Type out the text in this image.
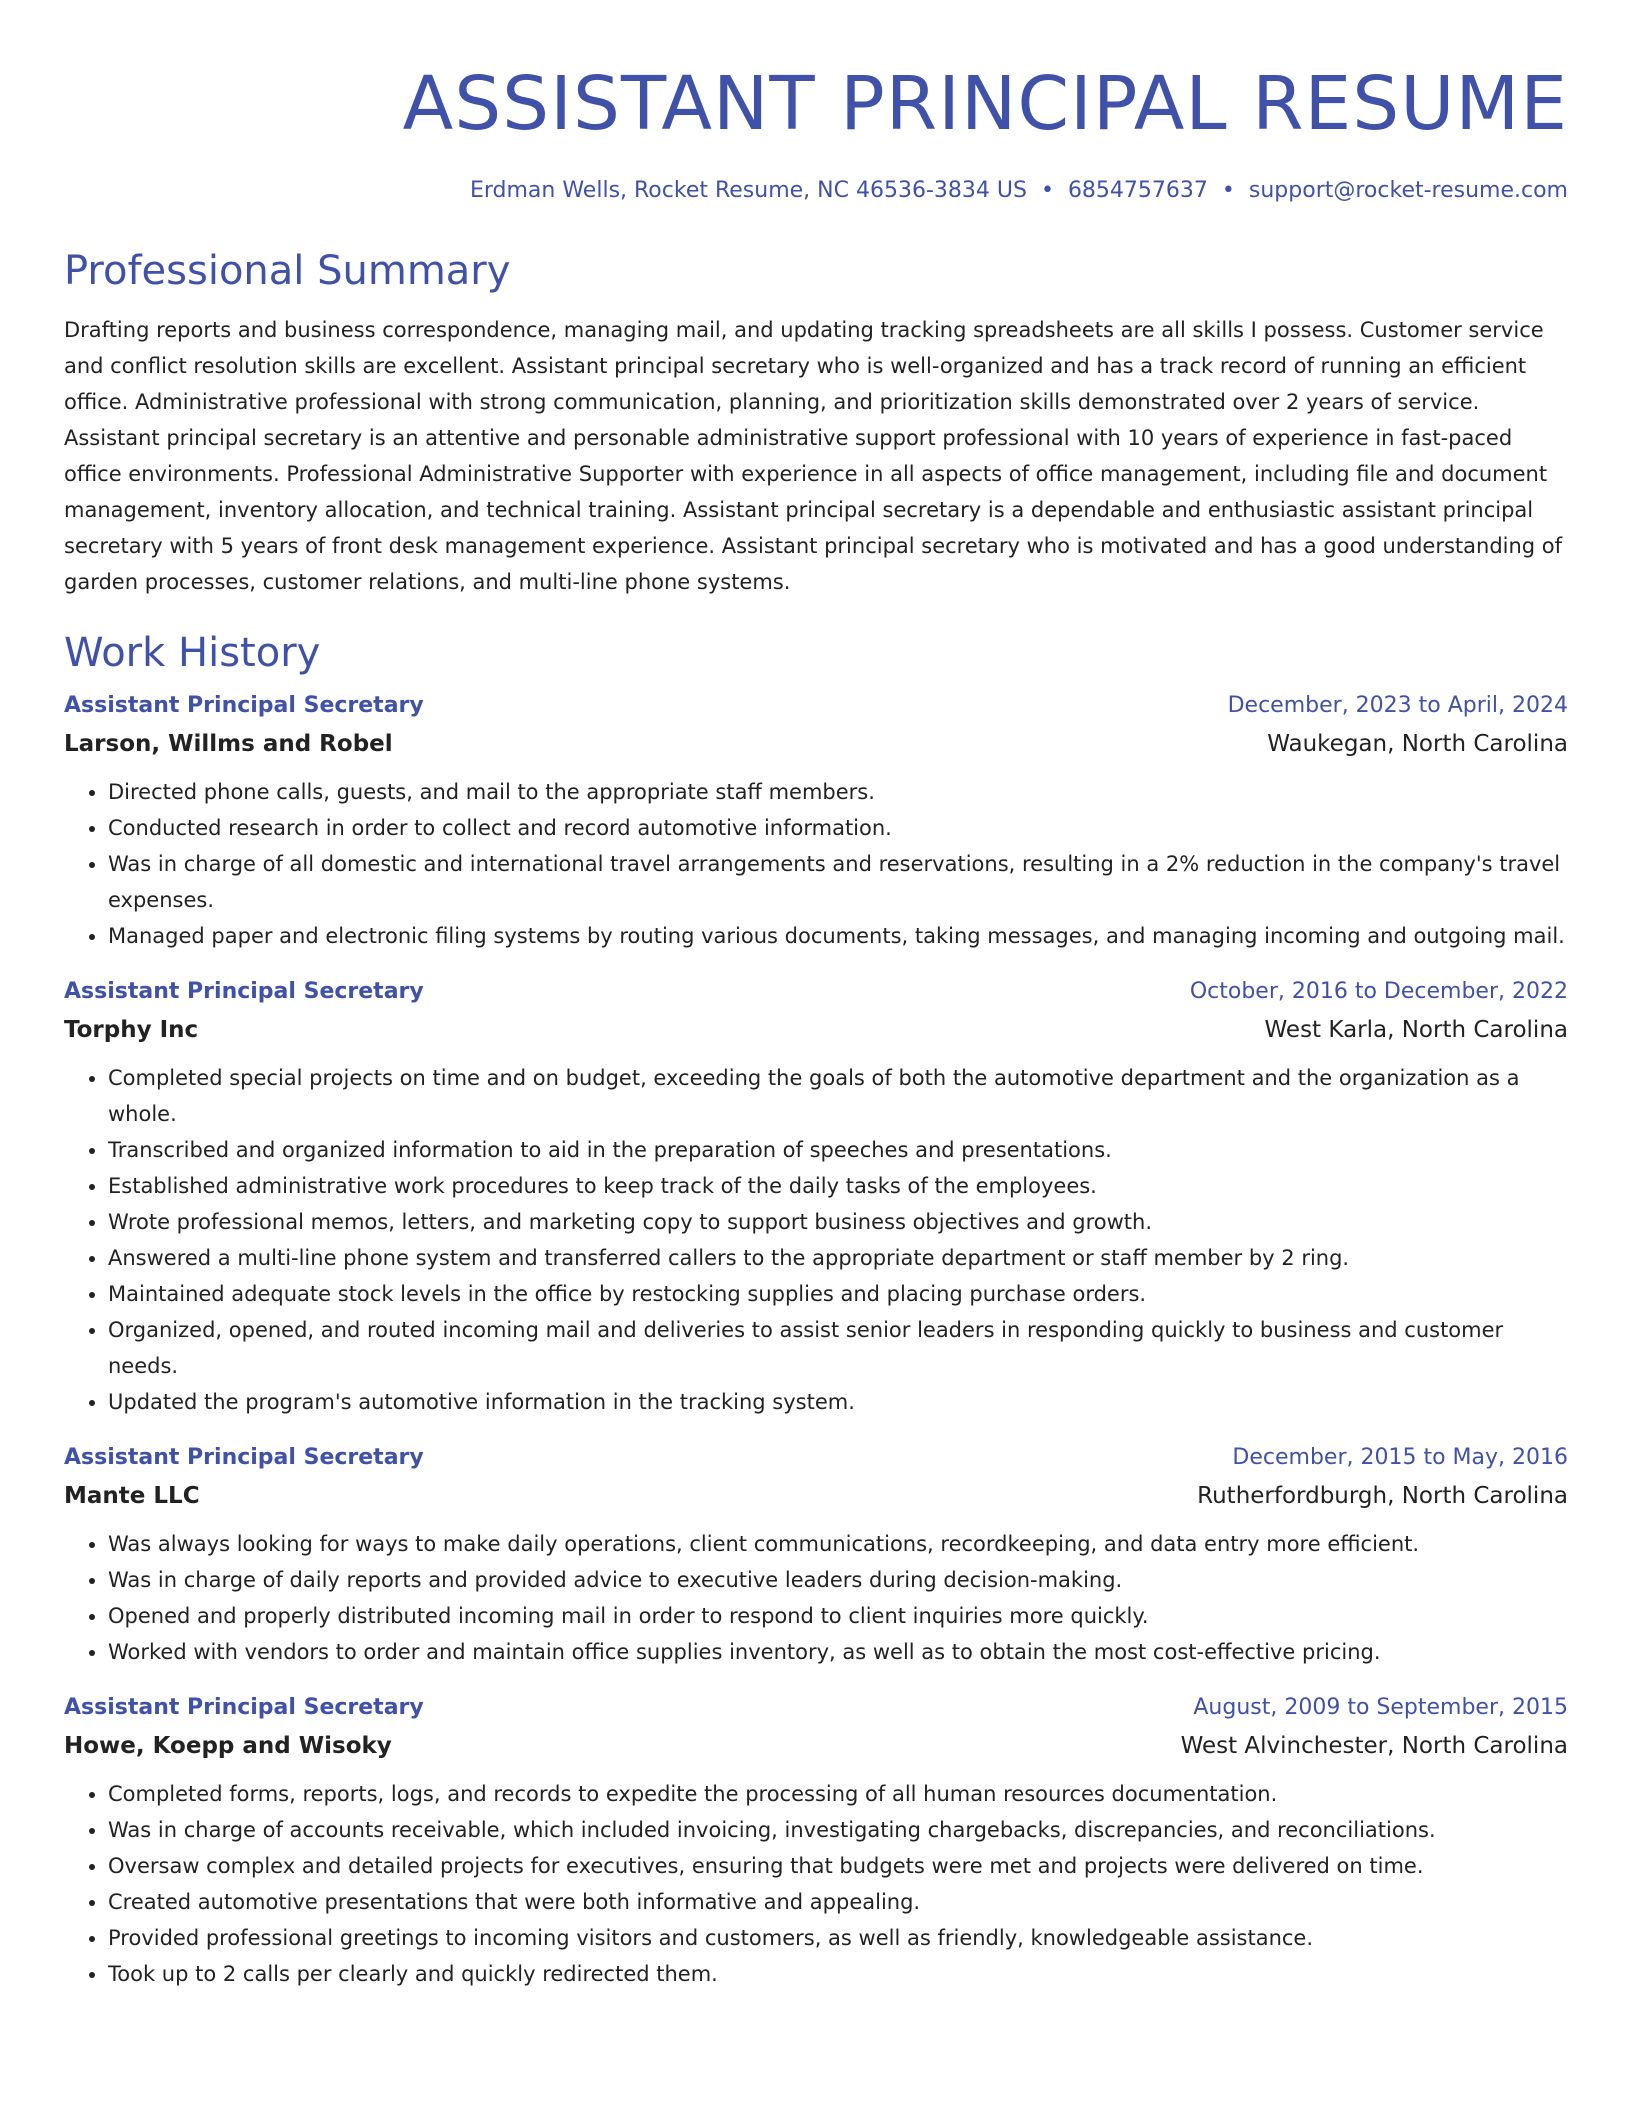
ASSISTANT PRINCIPAL RESUME
Erdman Wells, Rocket Resume, NC 46536-3834 US • 6854757637 • support@rocket-resume.com
Professional Summary
Drafting reports and business correspondence, managing mail, and updating tracking spreadsheets are all skills I possess. Customer service and conflict resolution skills are excellent. Assistant principal secretary who is well-organized and has a track record of running an efficient office. Administrative professional with strong communication, planning, and prioritization skills demonstrated over 2 years of service. Assistant principal secretary is an attentive and personable administrative support professional with 10 years of experience in fast-paced office environments. Professional Administrative Supporter with experience in all aspects of office management, including file and document management, inventory allocation, and technical training. Assistant principal secretary is a dependable and enthusiastic assistant principal secretary with 5 years of front desk management experience. Assistant principal secretary who is motivated and has a good understanding of garden processes, customer relations, and multi-line phone systems.
Work History
Assistant Principal Secretary	December, 2023 to April, 2024
Larson, Willms and Robel	Waukegan, North Carolina
• Directed phone calls, guests, and mail to the appropriate staff members.
• Conducted research in order to collect and record automotive information.
• Was in charge of all domestic and international travel arrangements and reservations, resulting in a 2% reduction in the company's travel expenses.
• Managed paper and electronic filing systems by routing various documents, taking messages, and managing incoming and outgoing mail.
Assistant Principal Secretary	October, 2016 to December, 2022
Torphy Inc	West Karla, North Carolina
• Completed special projects on time and on budget, exceeding the goals of both the automotive department and the organization as a whole.
• Transcribed and organized information to aid in the preparation of speeches and presentations.
• Established administrative work procedures to keep track of the daily tasks of the employees.
• Wrote professional memos, letters, and marketing copy to support business objectives and growth.
• Answered a multi-line phone system and transferred callers to the appropriate department or staff member by 2 ring.
• Maintained adequate stock levels in the office by restocking supplies and placing purchase orders.
• Organized, opened, and routed incoming mail and deliveries to assist senior leaders in responding quickly to business and customer needs.
• Updated the program's automotive information in the tracking system.
Assistant Principal Secretary	December, 2015 to May, 2016
Mante LLC	Rutherfordburgh, North Carolina
• Was always looking for ways to make daily operations, client communications, recordkeeping, and data entry more efficient.
• Was in charge of daily reports and provided advice to executive leaders during decision-making.
• Opened and properly distributed incoming mail in order to respond to client inquiries more quickly.
• Worked with vendors to order and maintain office supplies inventory, as well as to obtain the most cost-effective pricing.
Assistant Principal Secretary	August, 2009 to September, 2015
Howe, Koepp and Wisoky	West Alvinchester, North Carolina
• Completed forms, reports, logs, and records to expedite the processing of all human resources documentation.
• Was in charge of accounts receivable, which included invoicing, investigating chargebacks, discrepancies, and reconciliations.
• Oversaw complex and detailed projects for executives, ensuring that budgets were met and projects were delivered on time.
• Created automotive presentations that were both informative and appealing.
• Provided professional greetings to incoming visitors and customers, as well as friendly, knowledgeable assistance.
• Took up to 2 calls per clearly and quickly redirected them.
